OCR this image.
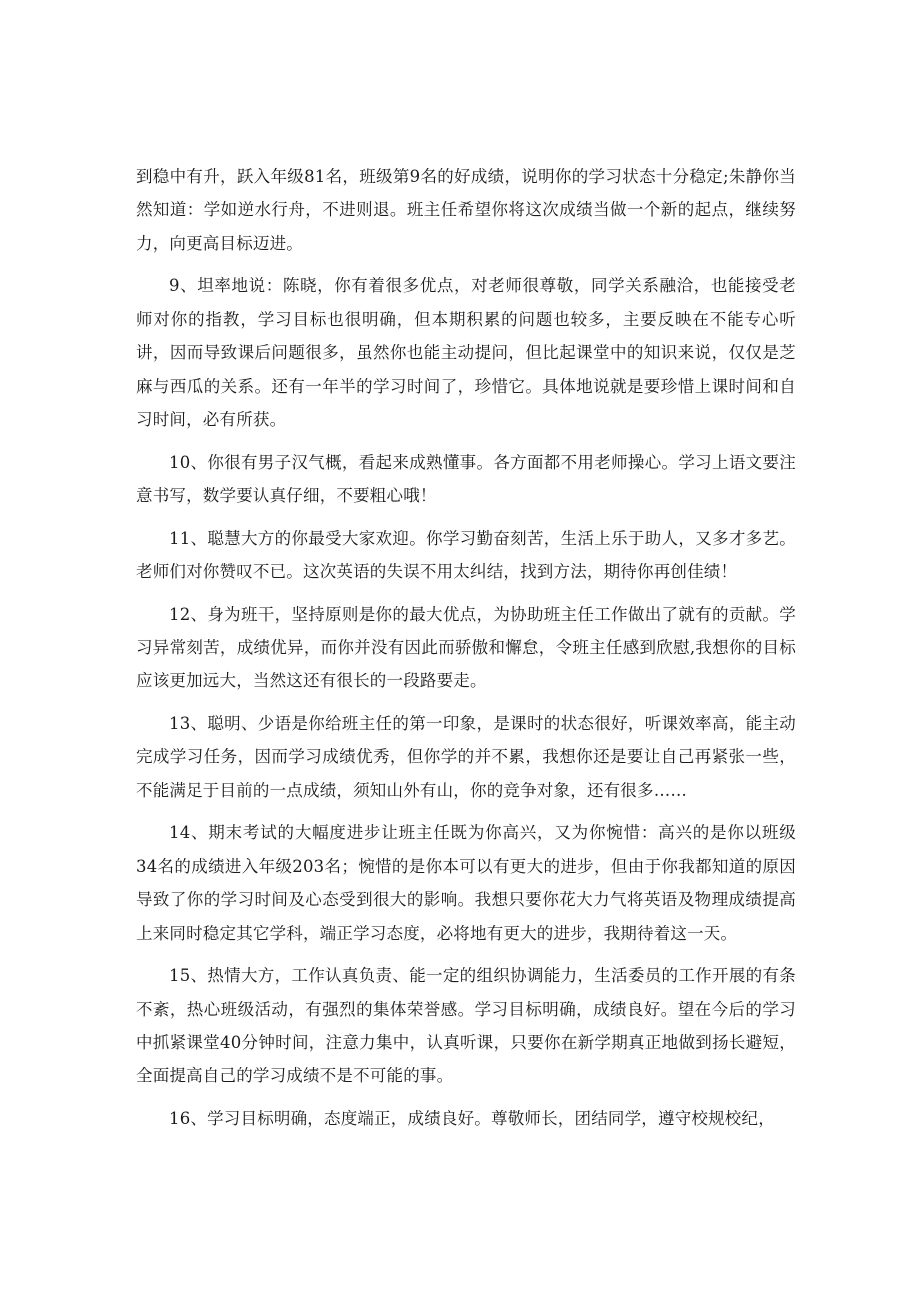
到稳中有升，跃入年级81名，班级第9名的好成绩，说明你的学习状态十分稳定;朱静你当然知道：学如逆水行舟，不进则退。班主任希望你将这次成绩当做一个新的起点，继续努力，向更高目标迈进。

9、坦率地说：陈晓，你有着很多优点，对老师很尊敬，同学关系融洽，也能接受老师对你的指教，学习目标也很明确，但本期积累的问题也较多，主要反映在不能专心听讲，因而导致课后问题很多，虽然你也能主动提问，但比起课堂中的知识来说，仅仅是芝麻与西瓜的关系。还有一年半的学习时间了，珍惜它。具体地说就是要珍惜上课时间和自习时间，必有所获。

10、你很有男子汉气概，看起来成熟懂事。各方面都不用老师操心。学习上语文要注意书写，数学要认真仔细，不要粗心哦！

11、聪慧大方的你最受大家欢迎。你学习勤奋刻苦，生活上乐于助人，又多才多艺。老师们对你赞叹不已。这次英语的失误不用太纠结，找到方法，期待你再创佳绩！

12、身为班干，坚持原则是你的最大优点，为协助班主任工作做出了就有的贡献。学习异常刻苦，成绩优异，而你并没有因此而骄傲和懈怠，令班主任感到欣慰,我想你的目标应该更加远大，当然这还有很长的一段路要走。

13、聪明、少语是你给班主任的第一印象，是课时的状态很好，听课效率高，能主动完成学习任务，因而学习成绩优秀，但你学的并不累，我想你还是要让自己再紧张一些，不能满足于目前的一点成绩，须知山外有山，你的竞争对象，还有很多……

14、期末考试的大幅度进步让班主任既为你高兴，又为你惋惜：高兴的是你以班级34名的成绩进入年级203名；惋惜的是你本可以有更大的进步，但由于你我都知道的原因导致了你的学习时间及心态受到很大的影响。我想只要你花大力气将英语及物理成绩提高上来同时稳定其它学科，端正学习态度，必将地有更大的进步，我期待着这一天。

15、热情大方，工作认真负责、能一定的组织协调能力，生活委员的工作开展的有条不紊，热心班级活动，有强烈的集体荣誉感。学习目标明确，成绩良好。望在今后的学习中抓紧课堂40分钟时间，注意力集中，认真听课，只要你在新学期真正地做到扬长避短，全面提高自己的学习成绩不是不可能的事。

16、学习目标明确，态度端正，成绩良好。尊敬师长，团结同学，遵守校规校纪，
